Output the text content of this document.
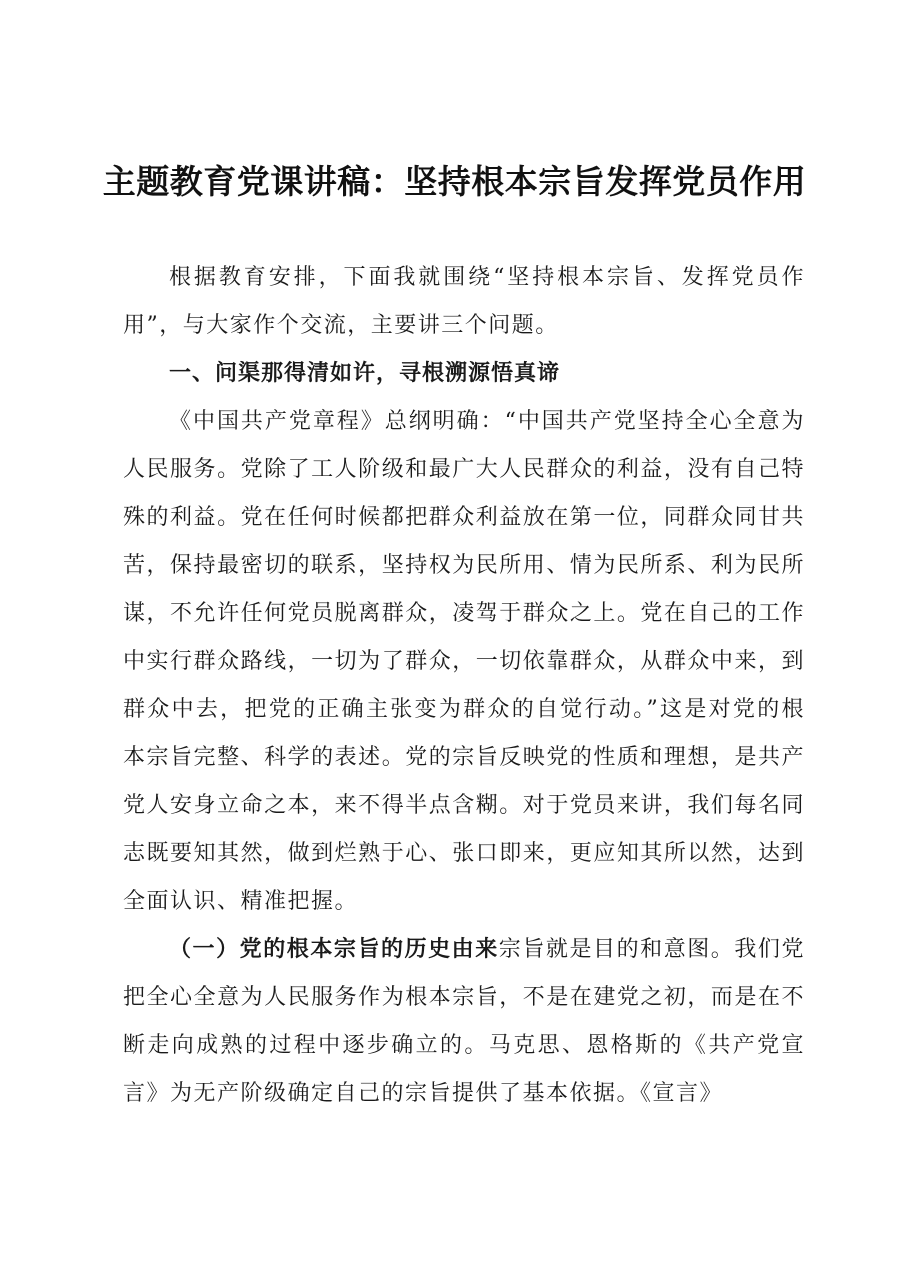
主题教育党课讲稿：坚持根本宗旨发挥党员作用

根据教育安排，下面我就围绕“坚持根本宗旨、发挥党员作用”，与大家作个交流，主要讲三个问题。

一、问渠那得清如许，寻根溯源悟真谛

《中国共产党章程》总纲明确：“中国共产党坚持全心全意为人民服务。党除了工人阶级和最广大人民群众的利益，没有自己特殊的利益。党在任何时候都把群众利益放在第一位，同群众同甘共苦，保持最密切的联系，坚持权为民所用、情为民所系、利为民所谋，不允许任何党员脱离群众，凌驾于群众之上。党在自己的工作中实行群众路线，一切为了群众，一切依靠群众，从群众中来，到群众中去，把党的正确主张变为群众的自觉行动。”这是对党的根本宗旨完整、科学的表述。党的宗旨反映党的性质和理想，是共产党人安身立命之本，来不得半点含糊。对于党员来讲，我们每名同志既要知其然，做到烂熟于心、张口即来，更应知其所以然，达到全面认识、精准把握。

（一）党的根本宗旨的历史由来宗旨就是目的和意图。我们党把全心全意为人民服务作为根本宗旨，不是在建党之初，而是在不断走向成熟的过程中逐步确立的。马克思、恩格斯的《共产党宣言》为无产阶级确定自己的宗旨提供了基本依据。《宣言》
